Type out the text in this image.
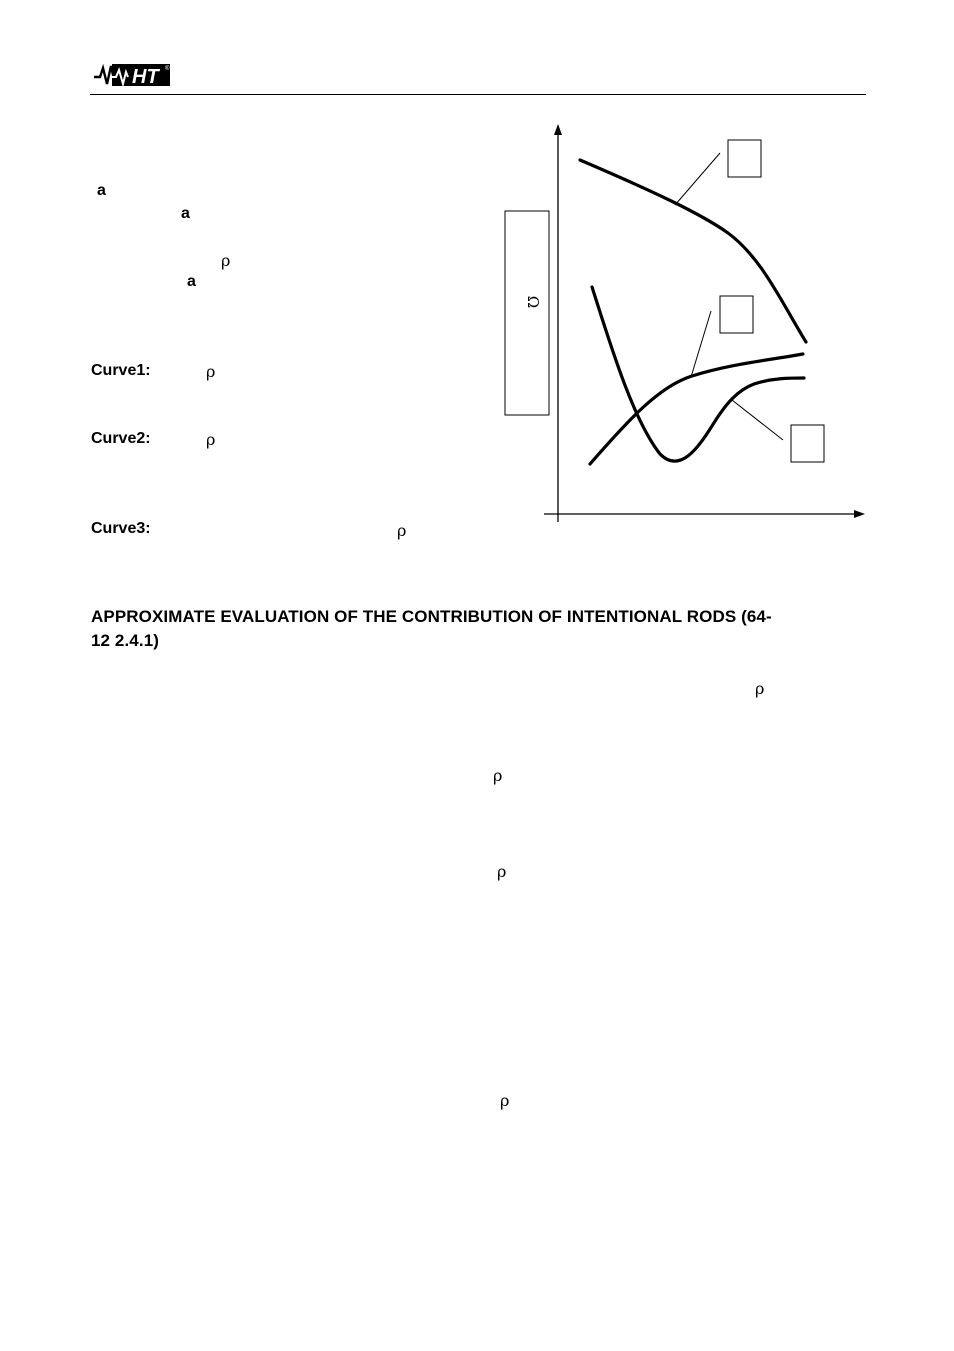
HT ®
a
a
ρ
a
Curve1:	ρ
Curve2:	ρ
Curve3:	ρ
Ω
APPROXIMATE EVALUATION OF THE CONTRIBUTION OF INTENTIONAL RODS (64-
12 2.4.1)
ρ
ρ
ρ
ρ
